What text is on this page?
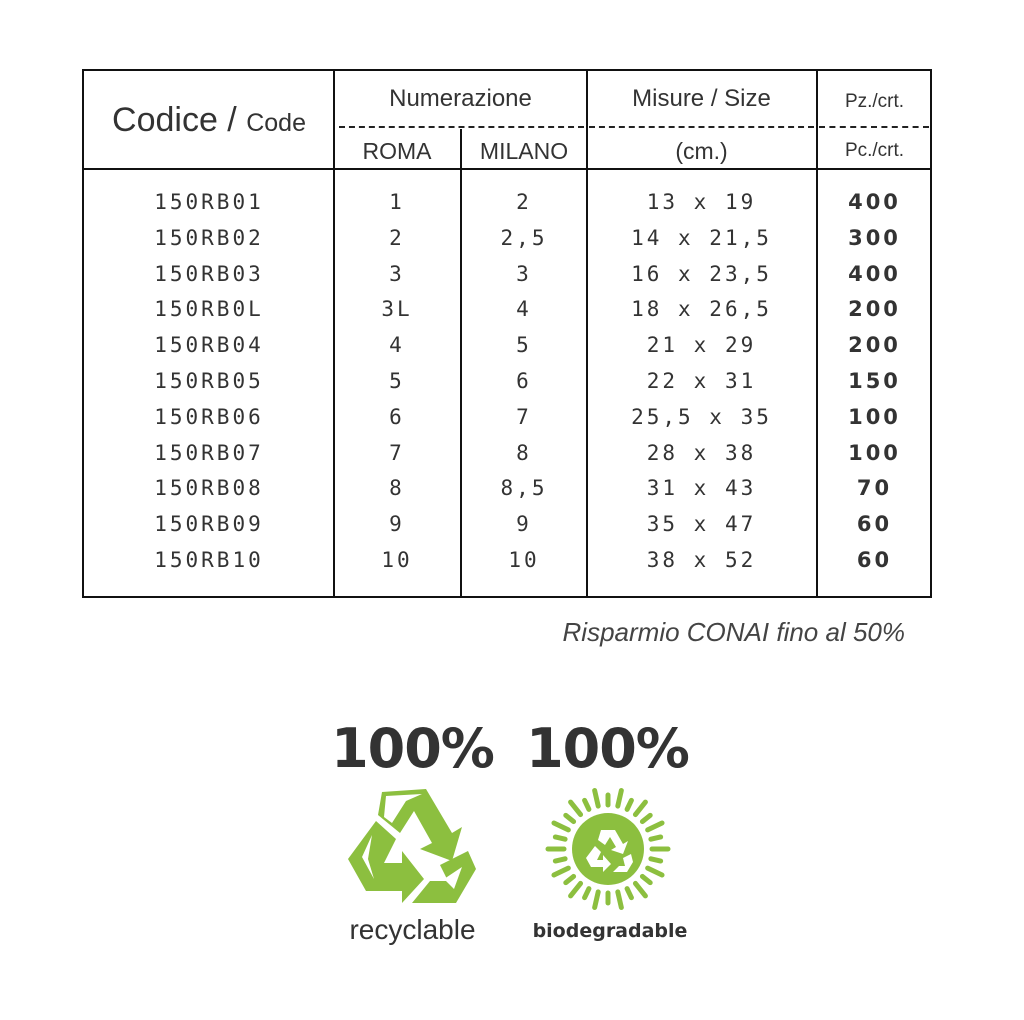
Codice / Code
Numerazione	Misure / Size	Pz./crt.
ROMA	MILANO	(cm.)	Pc./crt.
150RB01	1	2	13 x 19	400
150RB02	2	2,5	14 x 21,5	300
150RB03	3	3	16 x 23,5	400
150RB0L	3L	4	18 x 26,5	200
150RB04	4	5	21 x 29	200
150RB05	5	6	22 x 31	150
150RB06	6	7	25,5 x 35	100
150RB07	7	8	28 x 38	100
150RB08	8	8,5	31 x 43	70
150RB09	9	9	35 x 47	60
150RB10	10	10	38 x 52	60
Risparmio CONAI fino al 50%
100% 100%
recyclable	biodegradable
